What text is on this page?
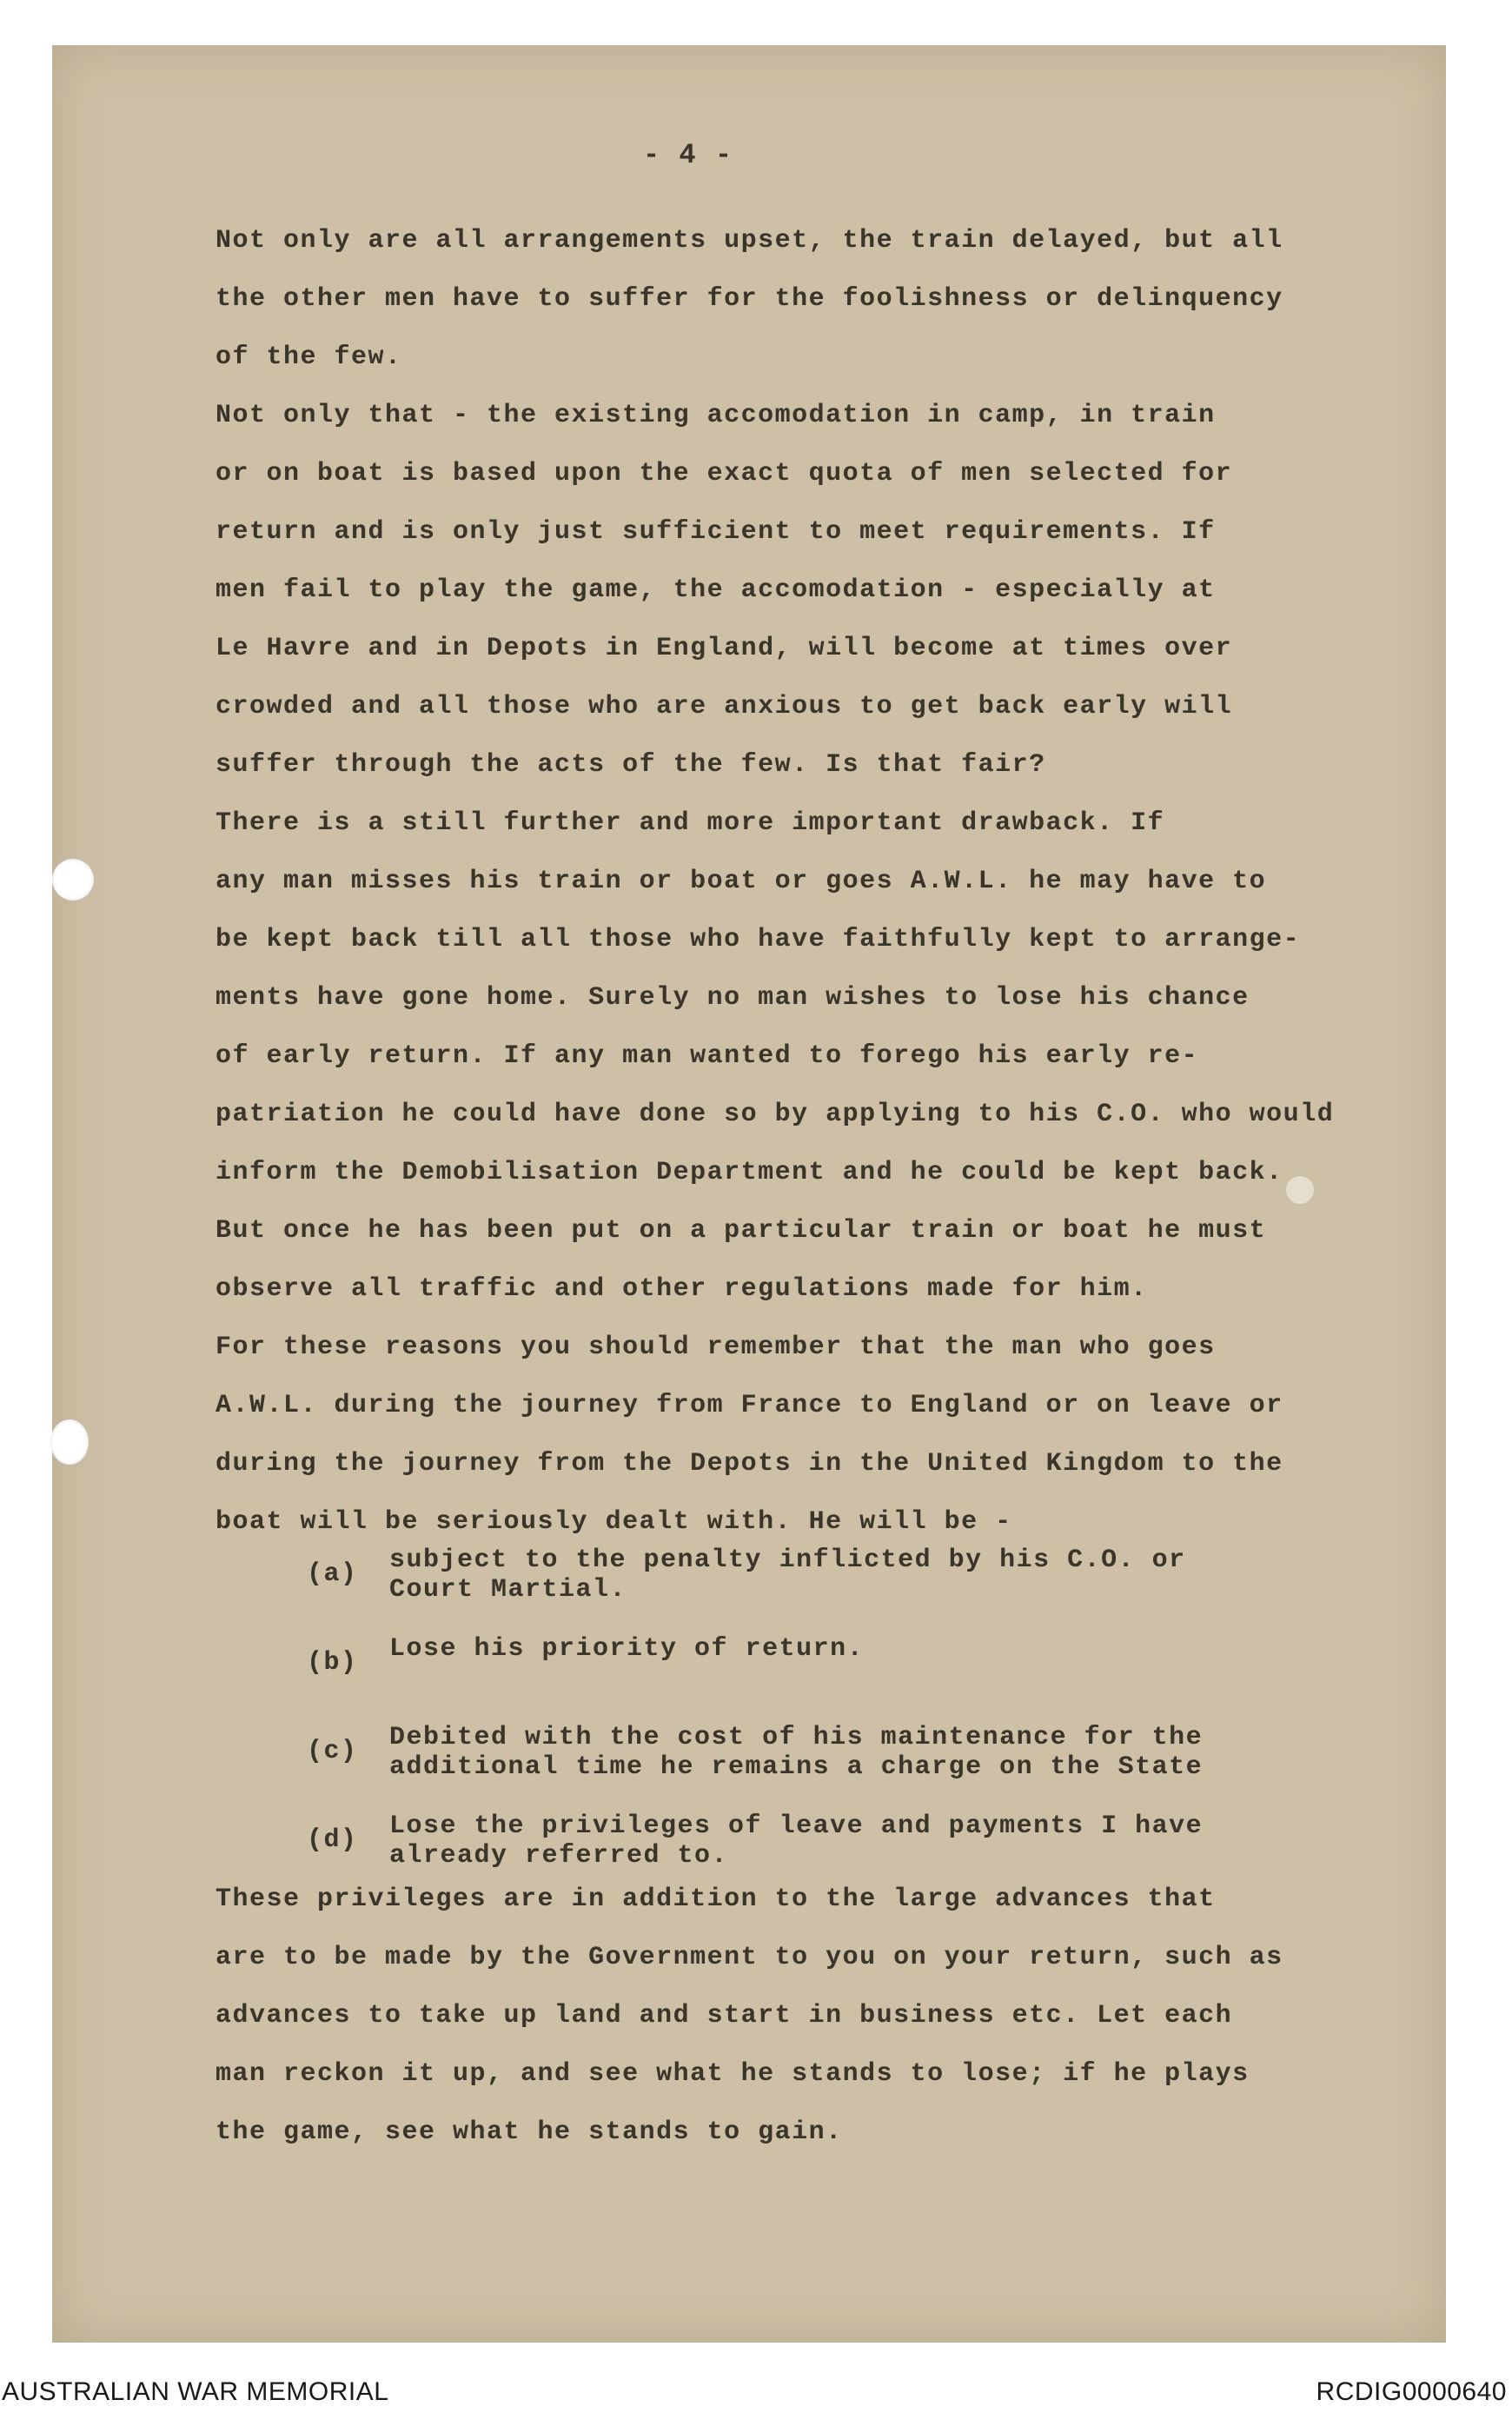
- 4 -
Not only are all arrangements upset, the train delayed, but all
the other men have to suffer for the foolishness or delinquency
of the few.
Not only that - the existing accomodation in camp, in train
or on boat is based upon the exact quota of men selected for
return and is only just sufficient to meet requirements. If
men fail to play the game, the accomodation - especially at
Le Havre and in Depots in England, will become at times over
crowded and all those who are anxious to get back early will
suffer through the acts of the few. Is that fair?
There is a still further and more important drawback. If
any man misses his train or boat or goes A.W.L. he may have to
be kept back till all those who have faithfully kept to arrange-
ments have gone home. Surely no man wishes to lose his chance
of early return. If any man wanted to forego his early re-
patriation he could have done so by applying to his C.O. who would
inform the Demobilisation Department and he could be kept back.
But once he has been put on a particular train or boat he must
observe all traffic and other regulations made for him.
For these reasons you should remember that the man who goes
A.W.L. during the journey from France to England or on leave or
during the journey from the Depots in the United Kingdom to the
boat will be seriously dealt with. He will be -
(a) subject to the penalty inflicted by his C.O. or
Court Martial.
(b) Lose his priority of return.

(c) Debited with the cost of his maintenance for the
additional time he remains a charge on the State
(d) Lose the privileges of leave and payments I have
already referred to.
These privileges are in addition to the large advances that
are to be made by the Government to you on your return, such as
advances to take up land and start in business etc. Let each
man reckon it up, and see what he stands to lose; if he plays
the game, see what he stands to gain.
AUSTRALIAN WAR MEMORIAL	RCDIG0000640
